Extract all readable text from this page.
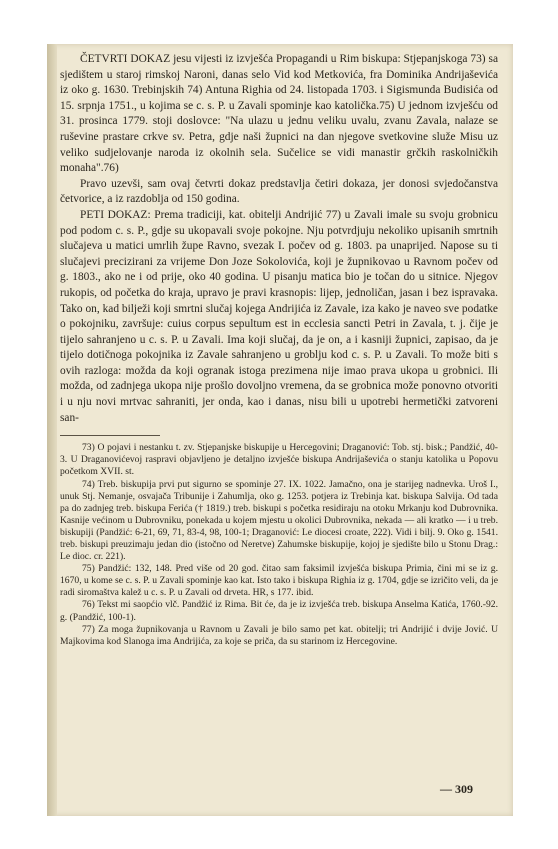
ČETVRTI DOKAZ jesu vijesti iz izvješća Propagandi u Rim biskupa: Stjepanjskoga 73) sa sjedištem u staroj rimskoj Naroni, danas selo Vid kod Metkovića, fra Dominika Andrijaševića iz oko g. 1630. Trebinjskih 74) Antuna Righia od 24. listopada 1703. i Sigismunda Budisića od 15. srpnja 1751., u kojima se c. s. P. u Zavali spominje kao katolička.75) U jednom izvješću od 31. prosinca 1779. stoji doslovce: "Na ulazu u jednu veliku uvalu, zvanu Zavala, nalaze se ruševine prastare crkve sv. Petra, gdje naši župnici na dan njegove svetkovine služe Misu uz veliko sudjelovanje naroda iz okolnih sela. Sučelice se vidi manastir grčkih raskolničkih monaha".76)

Pravo uzevši, sam ovaj četvrti dokaz predstavlja četiri dokaza, jer donosi svjedočanstva četvorice, a iz razdoblja od 150 godina.

PETI DOKAZ: Prema tradiciji, kat. obitelji Andrijić 77) u Zavali imale su svoju grobnicu pod podom c. s. P., gdje su ukopavali svoje pokojne. Nju potvrdjuju nekoliko upisanih smrtnih slučajeva u matici umrlih župe Ravno, svezak I. počev od g. 1803. pa unaprijed. Napose su ti slučajevi precizirani za vrijeme Don Joze Sokolovića, koji je župnikovao u Ravnom počev od g. 1803., ako ne i od prije, oko 40 godina. U pisanju matica bio je točan do u sitnice. Njegov rukopis, od početka do kraja, upravo je pravi krasnopis: lijep, jednoličan, jasan i bez ispravaka. Tako on, kad bilježi koji smrtni slučaj kojega Andrijića iz Zavale, iza kako je naveo sve podatke o pokojniku, završuje: cuius corpus sepultum est in ecclesia sancti Petri in Zavala, t. j. čije je tijelo sahranjeno u c. s. P. u Zavali. Ima koji slučaj, da je on, a i kasniji župnici, zapisao, da je tijelo dotičnoga pokojnika iz Zavale sahranjeno u groblju kod c. s. P. u Zavali. To može biti s ovih razloga: možda da koji ogranak istoga prezimena nije imao prava ukopa u grobnici. Ili možda, od zadnjega ukopa nije prošlo dovoljno vremena, da se grobnica može ponovno otvoriti i u nju novi mrtvac sahraniti, jer onda, kao i danas, nisu bili u upotrebi hermetički zatvoreni san-

73) O pojavi i nestanku t. zv. Stjepanjske biskupije u Hercegovini; Draganović: Tob. stj. bisk.; Pandžić, 40-3. U Draganovićevoj raspravi objavljeno je detaljno izvješće biskupa Andrijaševića o stanju katolika u Popovu početkom XVII. st.

74) Treb. biskupija prvi put sigurno se spominje 27. IX. 1022. Jamačno, ona je starijeg nadnevka. Uroš I., unuk Stj. Nemanje, osvajača Tribunije i Zahumlja, oko g. 1253. potjera iz Trebinja kat. biskupa Salvija. Od tada pa do zadnjeg treb. biskupa Ferića († 1819.) treb. biskupi s početka residiraju na otoku Mrkanju kod Dubrovnika. Kasnije većinom u Dubrovniku, ponekada u kojem mjestu u okolici Dubrovnika, nekada — ali kratko — i u treb. biskupiji (Pandžić: 6-21, 69, 71, 83-4, 98, 100-1; Draganović: Le diocesi croate, 222). Vidi i bilj. 9. Oko g. 1541. treb. biskupi preuzimaju jedan dio (istočno od Neretve) Zahumske biskupije, kojoj je sjedište bilo u Stonu Drag.: Le dioc. cr. 221).

75) Pandžić: 132, 148. Pred više od 20 god. čitao sam faksimil izvješća biskupa Primia, čini mi se iz g. 1670, u kome se c. s. P. u Zavali spominje kao kat. Isto tako i biskupa Righia iz g. 1704, gdje se izričito veli, da je radi siromaštva kalež u c. s. P. u Zavali od drveta. HR, s 177. ibid.

76) Tekst mi saopćio vlč. Pandžić iz Rima. Bit će, da je iz izvješća treb. biskupa Anselma Katića, 1760.-92. g. (Pandžić, 100-1).

77) Za moga župnikovanja u Ravnom u Zavali je bilo samo pet kat. obitelji; tri Andrijić i dvije Jović. U Majkovima kod Slanoga ima Andrijića, za koje se priča, da su starinom iz Hercegovine.

— 309
